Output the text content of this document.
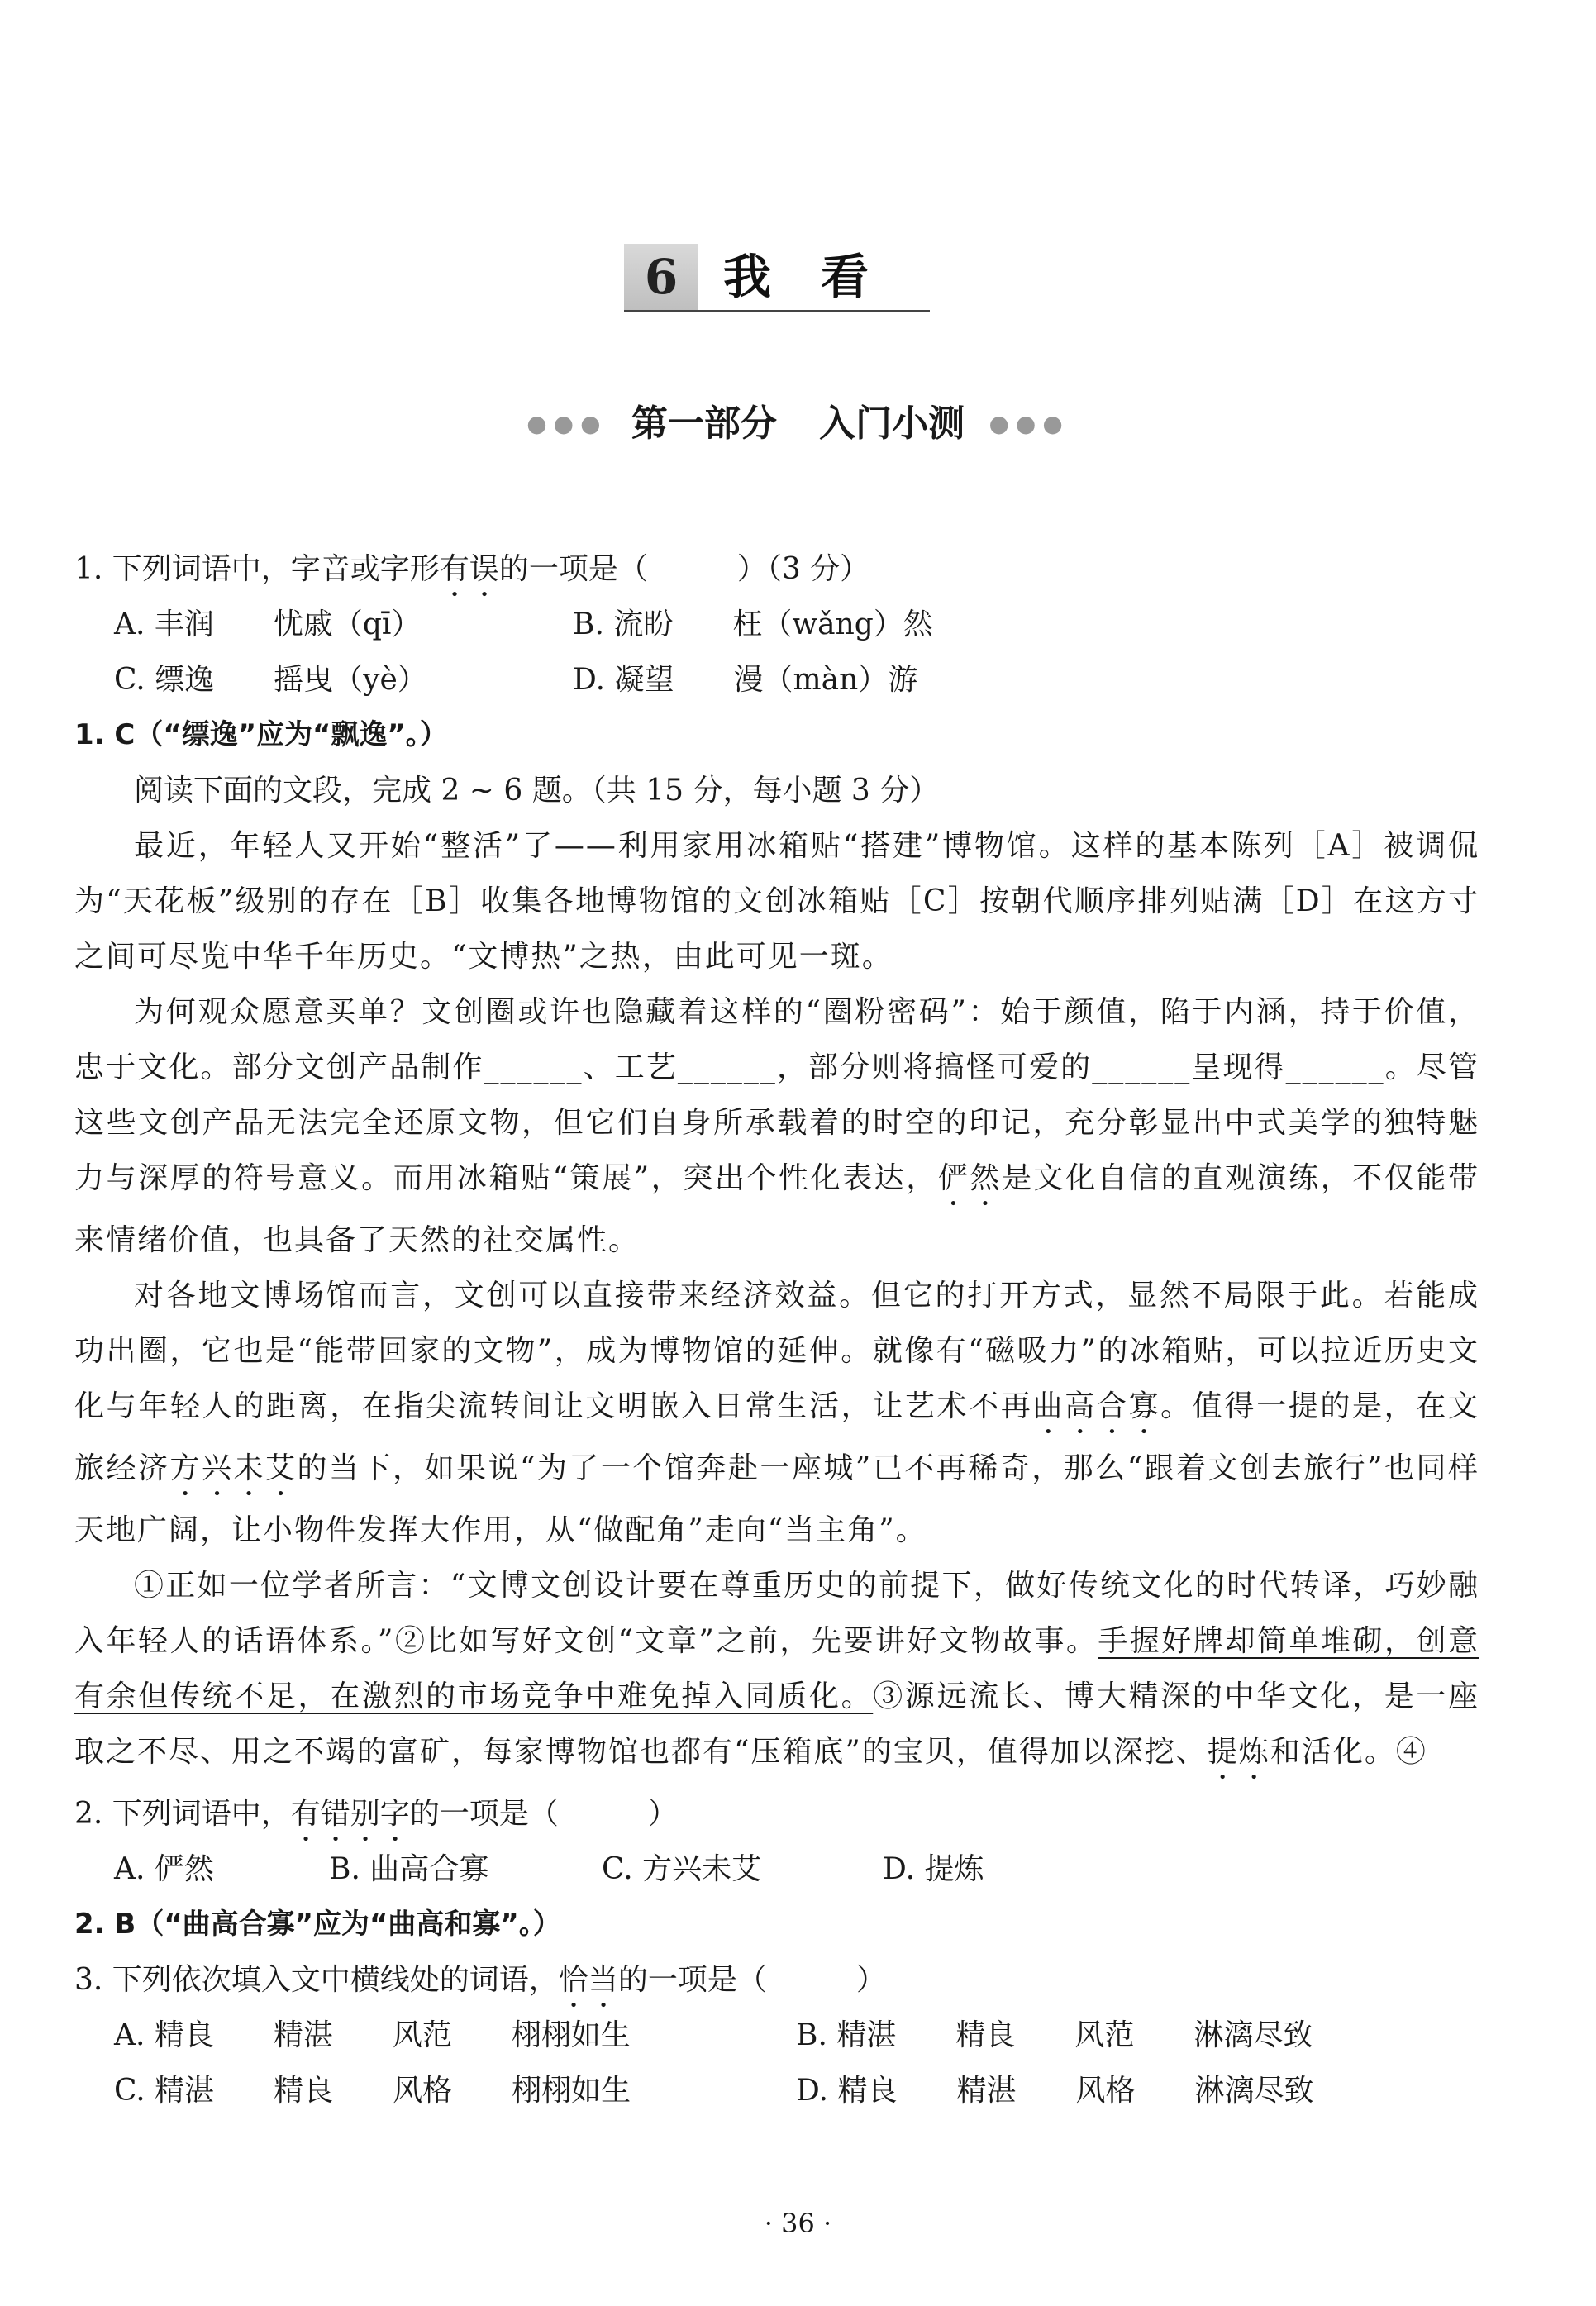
6 我看
●●● 第一部分 入门小测 ●●●
1. 下列词语中，字音或字形有误的一项是（　　　）（3 分）
A. 丰润　　忧戚（qī）	B. 流盼　　枉（wǎng）然
C. 缥逸　　摇曳（yè）	D. 凝望　　漫（màn）游
1. C（“缥逸”应为“飘逸”。）
阅读下面的文段，完成 2 ~ 6 题。（共 15 分，每小题 3 分）
最近，年轻人又开始“整活”了——利用家用冰箱贴“搭建”博物馆。这样的基本陈列［A］被调侃为“天花板”级别的存在［B］收集各地博物馆的文创冰箱贴［C］按朝代顺序排列贴满［D］在这方寸之间可尽览中华千年历史。“文博热”之热，由此可见一斑。
为何观众愿意买单？文创圈或许也隐藏着这样的“圈粉密码”：始于颜值，陷于内涵，持于价值，忠于文化。部分文创产品制作______、工艺______，部分则将搞怪可爱的______呈现得______。尽管这些文创产品无法完全还原文物，但它们自身所承载着的时空的印记，充分彰显出中式美学的独特魅力与深厚的符号意义。而用冰箱贴“策展”，突出个性化表达，俨然是文化自信的直观演练，不仅能带来情绪价值，也具备了天然的社交属性。
对各地文博场馆而言，文创可以直接带来经济效益。但它的打开方式，显然不局限于此。若能成功出圈，它也是“能带回家的文物”，成为博物馆的延伸。就像有“磁吸力”的冰箱贴，可以拉近历史文化与年轻人的距离，在指尖流转间让文明嵌入日常生活，让艺术不再曲高合寡。值得一提的是，在文旅经济方兴未艾的当下，如果说“为了一个馆奔赴一座城”已不再稀奇，那么“跟着文创去旅行”也同样天地广阔，让小物件发挥大作用，从“做配角”走向“当主角”。
①正如一位学者所言：“文博文创设计要在尊重历史的前提下，做好传统文化的时代转译，巧妙融入年轻人的话语体系。”②比如写好文创“文章”之前，先要讲好文物故事。手握好牌却简单堆砌，创意有余但传统不足，在激烈的市场竞争中难免掉入同质化。③源远流长、博大精深的中华文化，是一座取之不尽、用之不竭的富矿，每家博物馆也都有“压箱底”的宝贝，值得加以深挖、提炼和活化。④
2. 下列词语中，有错别字的一项是（　　　）
A. 俨然	B. 曲高合寡	C. 方兴未艾	D. 提炼
2. B（“曲高合寡”应为“曲高和寡”。）
3. 下列依次填入文中横线处的词语，恰当的一项是（　　　）
A. 精良　　精湛　　风范　　栩栩如生	B. 精湛　　精良　　风范　　淋漓尽致
C. 精湛　　精良　　风格　　栩栩如生	D. 精良　　精湛　　风格　　淋漓尽致
· 36 ·
